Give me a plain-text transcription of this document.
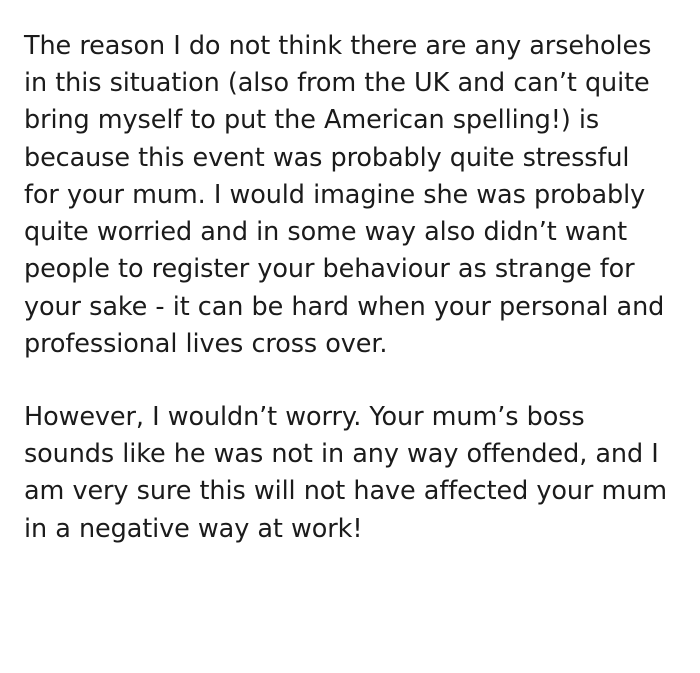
The reason I do not think there are any arseholes in this situation (also from the UK and can’t quite bring myself to put the American spelling!) is because this event was probably quite stressful for your mum. I would imagine she was probably quite worried and in some way also didn’t want people to register your behaviour as strange for your sake - it can be hard when your personal and professional lives cross over.

However, I wouldn’t worry. Your mum’s boss sounds like he was not in any way offended, and I am very sure this will not have affected your mum in a negative way at work!
